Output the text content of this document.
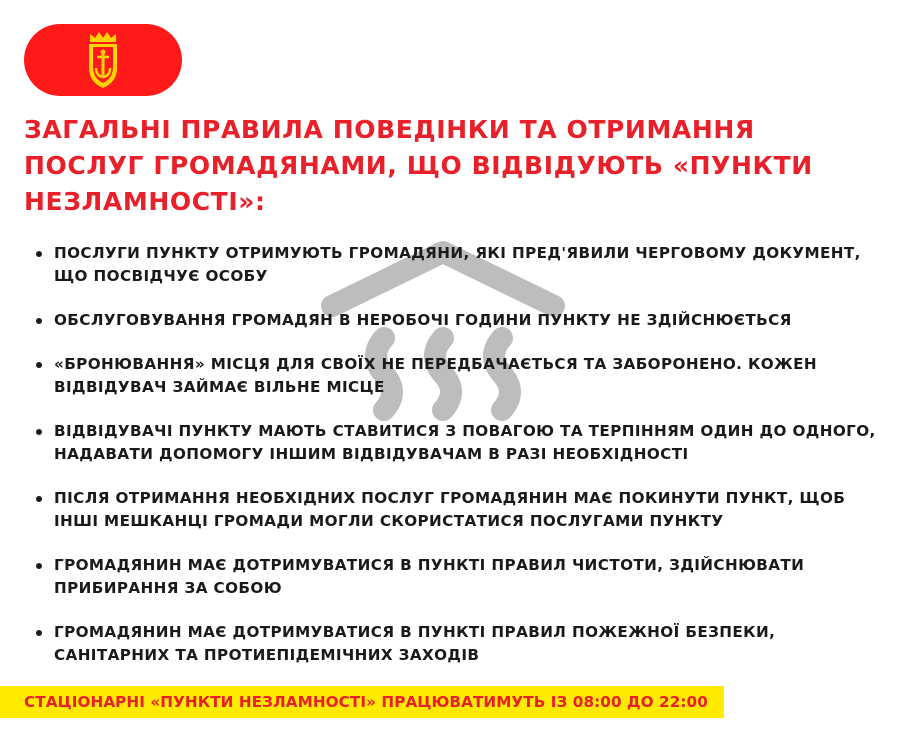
ЗАГАЛЬНІ ПРАВИЛА ПОВЕДІНКИ ТА ОТРИМАННЯ ПОСЛУГ ГРОМАДЯНАМИ, ЩО ВІДВІДУЮТЬ «ПУНКТИ НЕЗЛАМНОСТІ»:
ПОСЛУГИ ПУНКТУ ОТРИМУЮТЬ ГРОМАДЯНИ, ЯКІ ПРЕД'ЯВИЛИ ЧЕРГОВОМУ ДОКУМЕНТ, ЩО ПОСВІДЧУЄ ОСОБУ
ОБСЛУГОВУВАННЯ ГРОМАДЯН В НЕРОБОЧІ ГОДИНИ ПУНКТУ НЕ ЗДІЙСНЮЄТЬСЯ
«БРОНЮВАННЯ» МІСЦЯ ДЛЯ СВОЇХ НЕ ПЕРЕДБАЧАЄТЬСЯ ТА ЗАБОРОНЕНО. КОЖЕН ВІДВІДУВАЧ ЗАЙМАЄ ВІЛЬНЕ МІСЦЕ
ВІДВІДУВАЧІ ПУНКТУ МАЮТЬ СТАВИТИСЯ З ПОВАГОЮ ТА ТЕРПІННЯМ ОДИН ДО ОДНОГО, НАДАВАТИ ДОПОМОГУ ІНШИМ ВІДВІДУВАЧАМ В РАЗІ НЕОБХІДНОСТІ
ПІСЛЯ ОТРИМАННЯ НЕОБХІДНИХ ПОСЛУГ ГРОМАДЯНИН МАЄ ПОКИНУТИ ПУНКТ, ЩОБ ІНШІ МЕШКАНЦІ ГРОМАДИ МОГЛИ СКОРИСТАТИСЯ ПОСЛУГАМИ ПУНКТУ
ГРОМАДЯНИН МАЄ ДОТРИМУВАТИСЯ В ПУНКТІ ПРАВИЛ ЧИСТОТИ, ЗДІЙСНЮВАТИ ПРИБИРАННЯ ЗА СОБОЮ
ГРОМАДЯНИН МАЄ ДОТРИМУВАТИСЯ В ПУНКТІ ПРАВИЛ ПОЖЕЖНОЇ БЕЗПЕКИ, САНІТАРНИХ ТА ПРОТИЕПІДЕМІЧНИХ ЗАХОДІВ
СТАЦІОНАРНІ «ПУНКТИ НЕЗЛАМНОСТІ» ПРАЦЮВАТИМУТЬ ІЗ 08:00 ДО 22:00
